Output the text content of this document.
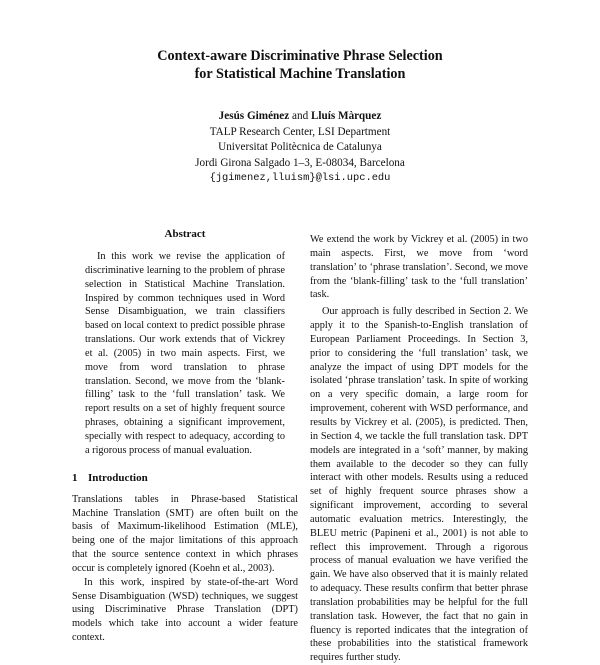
Context-aware Discriminative Phrase Selection
for Statistical Machine Translation
Jesús Giménez and Lluís Màrquez
TALP Research Center, LSI Department
Universitat Politècnica de Catalunya
Jordi Girona Salgado 1–3, E-08034, Barcelona
{jgimenez,lluism}@lsi.upc.edu
Abstract

In this work we revise the application of discriminative learning to the problem of phrase selection in Statistical Machine Translation. Inspired by common techniques used in Word Sense Disambiguation, we train classifiers based on local context to predict possible phrase translations. Our work extends that of Vickrey et al. (2005) in two main aspects. First, we move from word translation to phrase translation. Second, we move from the ‘blank-filling’ task to the ‘full translation’ task. We report results on a set of highly frequent source phrases, obtaining a significant improvement, specially with respect to adequacy, according to a rigorous process of manual evaluation.

1 Introduction

Translations tables in Phrase-based Statistical Machine Translation (SMT) are often built on the basis of Maximum-likelihood Estimation (MLE), being one of the major limitations of this approach that the source sentence context in which phrases occur is completely ignored (Koehn et al., 2003).

In this work, inspired by state-of-the-art Word Sense Disambiguation (WSD) techniques, we suggest using Discriminative Phrase Translation (DPT) models which take into account a wider feature context.

We extend the work by Vickrey et al. (2005) in two main aspects. First, we move from ‘word translation’ to ‘phrase translation’. Second, we move from the ‘blank-filling’ task to the ‘full translation’ task.

Our approach is fully described in Section 2. We apply it to the Spanish-to-English translation of European Parliament Proceedings. In Section 3, prior to considering the ‘full translation’ task, we analyze the impact of using DPT models for the isolated ‘phrase translation’ task. In spite of working on a very specific domain, a large room for improvement, coherent with WSD performance, and results by Vickrey et al. (2005), is predicted. Then, in Section 4, we tackle the full translation task. DPT models are integrated in a ‘soft’ manner, by making them available to the decoder so they can fully interact with other models. Results using a reduced set of highly frequent source phrases show a significant improvement, according to several automatic evaluation metrics. Interestingly, the BLEU metric (Papineni et al., 2001) is not able to reflect this improvement. Through a rigorous process of manual evaluation we have verified the gain. We have also observed that it is mainly related to adequacy. These results confirm that better phrase translation probabilities may be helpful for the full translation task. However, the fact that no gain in fluency is reported indicates that the integration of these probabilities into the statistical framework requires further study.
